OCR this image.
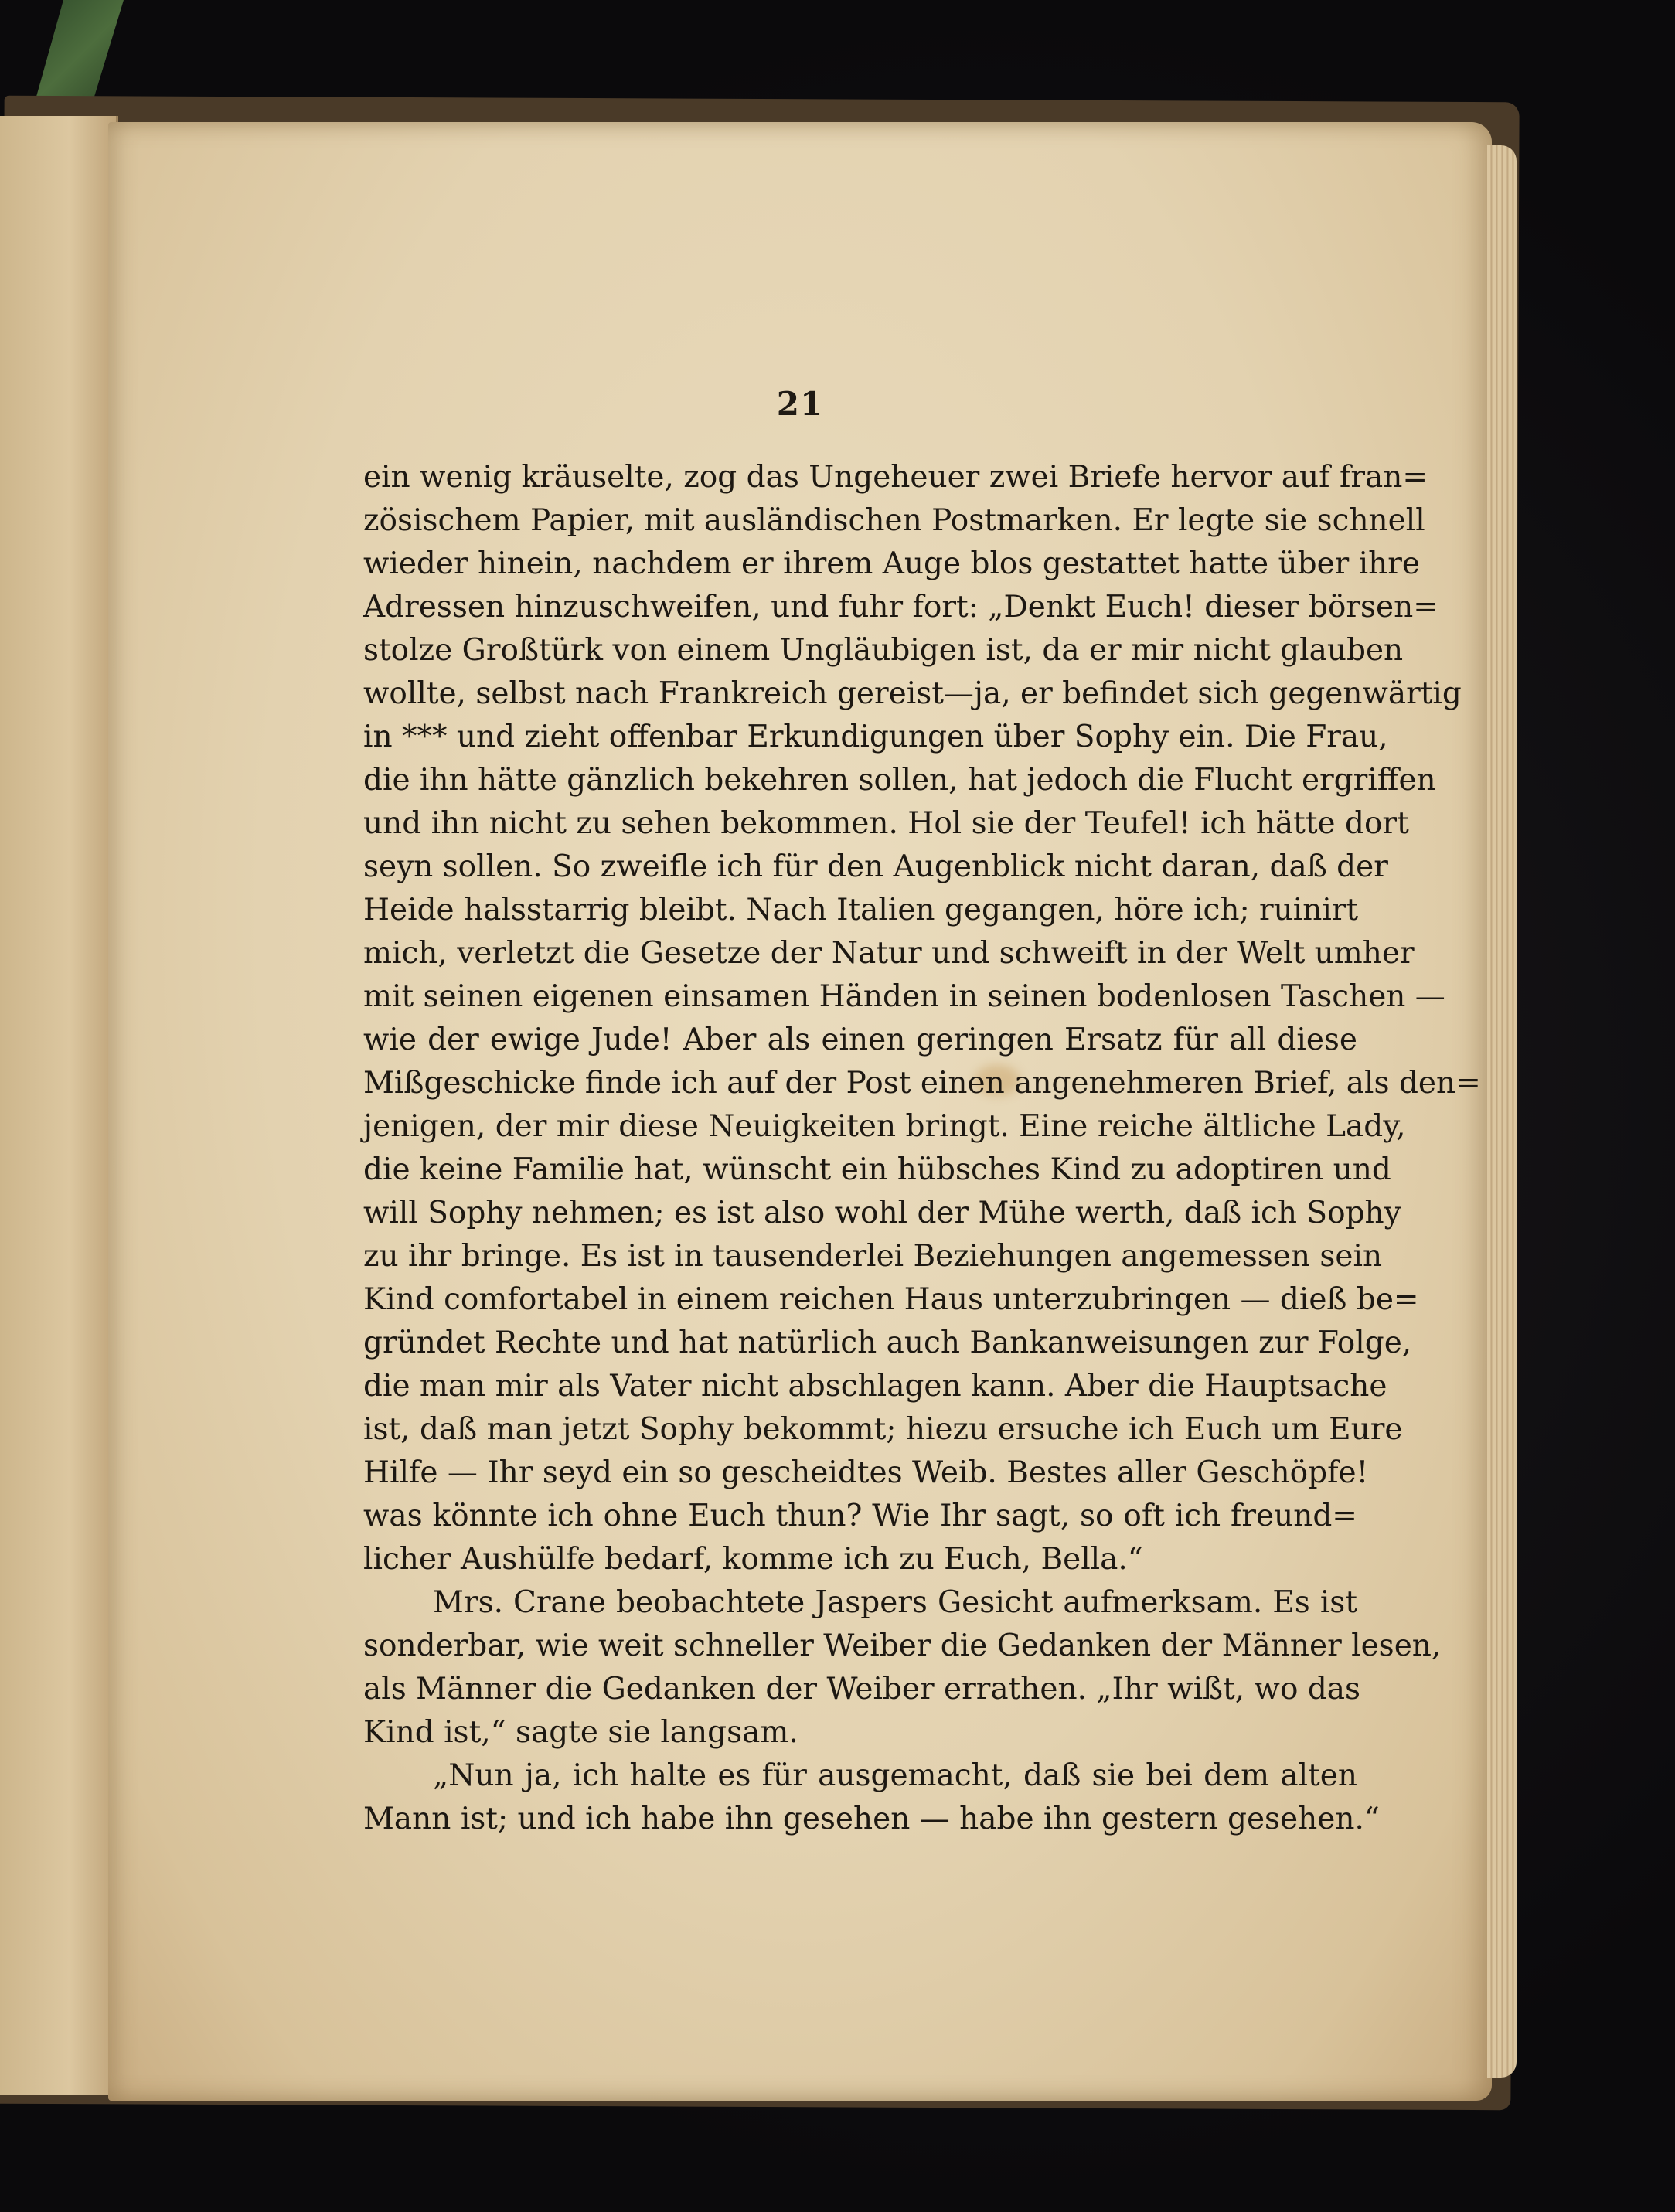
21
ein wenig kräuselte, zog das Ungeheuer zwei Briefe hervor auf fran=
zösischem Papier, mit ausländischen Postmarken. Er legte sie schnell
wieder hinein, nachdem er ihrem Auge blos gestattet hatte über ihre
Adressen hinzuschweifen, und fuhr fort: „Denkt Euch! dieser börsen=
stolze Großtürk von einem Ungläubigen ist, da er mir nicht glauben
wollte, selbst nach Frankreich gereist—ja, er befindet sich gegenwärtig
in *** und zieht offenbar Erkundigungen über Sophy ein. Die Frau,
die ihn hätte gänzlich bekehren sollen, hat jedoch die Flucht ergriffen
und ihn nicht zu sehen bekommen. Hol sie der Teufel! ich hätte dort
seyn sollen. So zweifle ich für den Augenblick nicht daran, daß der
Heide halsstarrig bleibt. Nach Italien gegangen, höre ich; ruinirt
mich, verletzt die Gesetze der Natur und schweift in der Welt umher
mit seinen eigenen einsamen Händen in seinen bodenlosen Taschen —
wie der ewige Jude! Aber als einen geringen Ersatz für all diese
Mißgeschicke finde ich auf der Post einen angenehmeren Brief, als den=
jenigen, der mir diese Neuigkeiten bringt. Eine reiche ältliche Lady,
die keine Familie hat, wünscht ein hübsches Kind zu adoptiren und
will Sophy nehmen; es ist also wohl der Mühe werth, daß ich Sophy
zu ihr bringe. Es ist in tausenderlei Beziehungen angemessen sein
Kind comfortabel in einem reichen Haus unterzubringen — dieß be=
gründet Rechte und hat natürlich auch Bankanweisungen zur Folge,
die man mir als Vater nicht abschlagen kann. Aber die Hauptsache
ist, daß man jetzt Sophy bekommt; hiezu ersuche ich Euch um Eure
Hilfe — Ihr seyd ein so gescheidtes Weib. Bestes aller Geschöpfe!
was könnte ich ohne Euch thun? Wie Ihr sagt, so oft ich freund=
licher Aushülfe bedarf, komme ich zu Euch, Bella.“
Mrs. Crane beobachtete Jaspers Gesicht aufmerksam. Es ist
sonderbar, wie weit schneller Weiber die Gedanken der Männer lesen,
als Männer die Gedanken der Weiber errathen. „Ihr wißt, wo das
Kind ist,“ sagte sie langsam.
„Nun ja, ich halte es für ausgemacht, daß sie bei dem alten
Mann ist; und ich habe ihn gesehen — habe ihn gestern gesehen.“
